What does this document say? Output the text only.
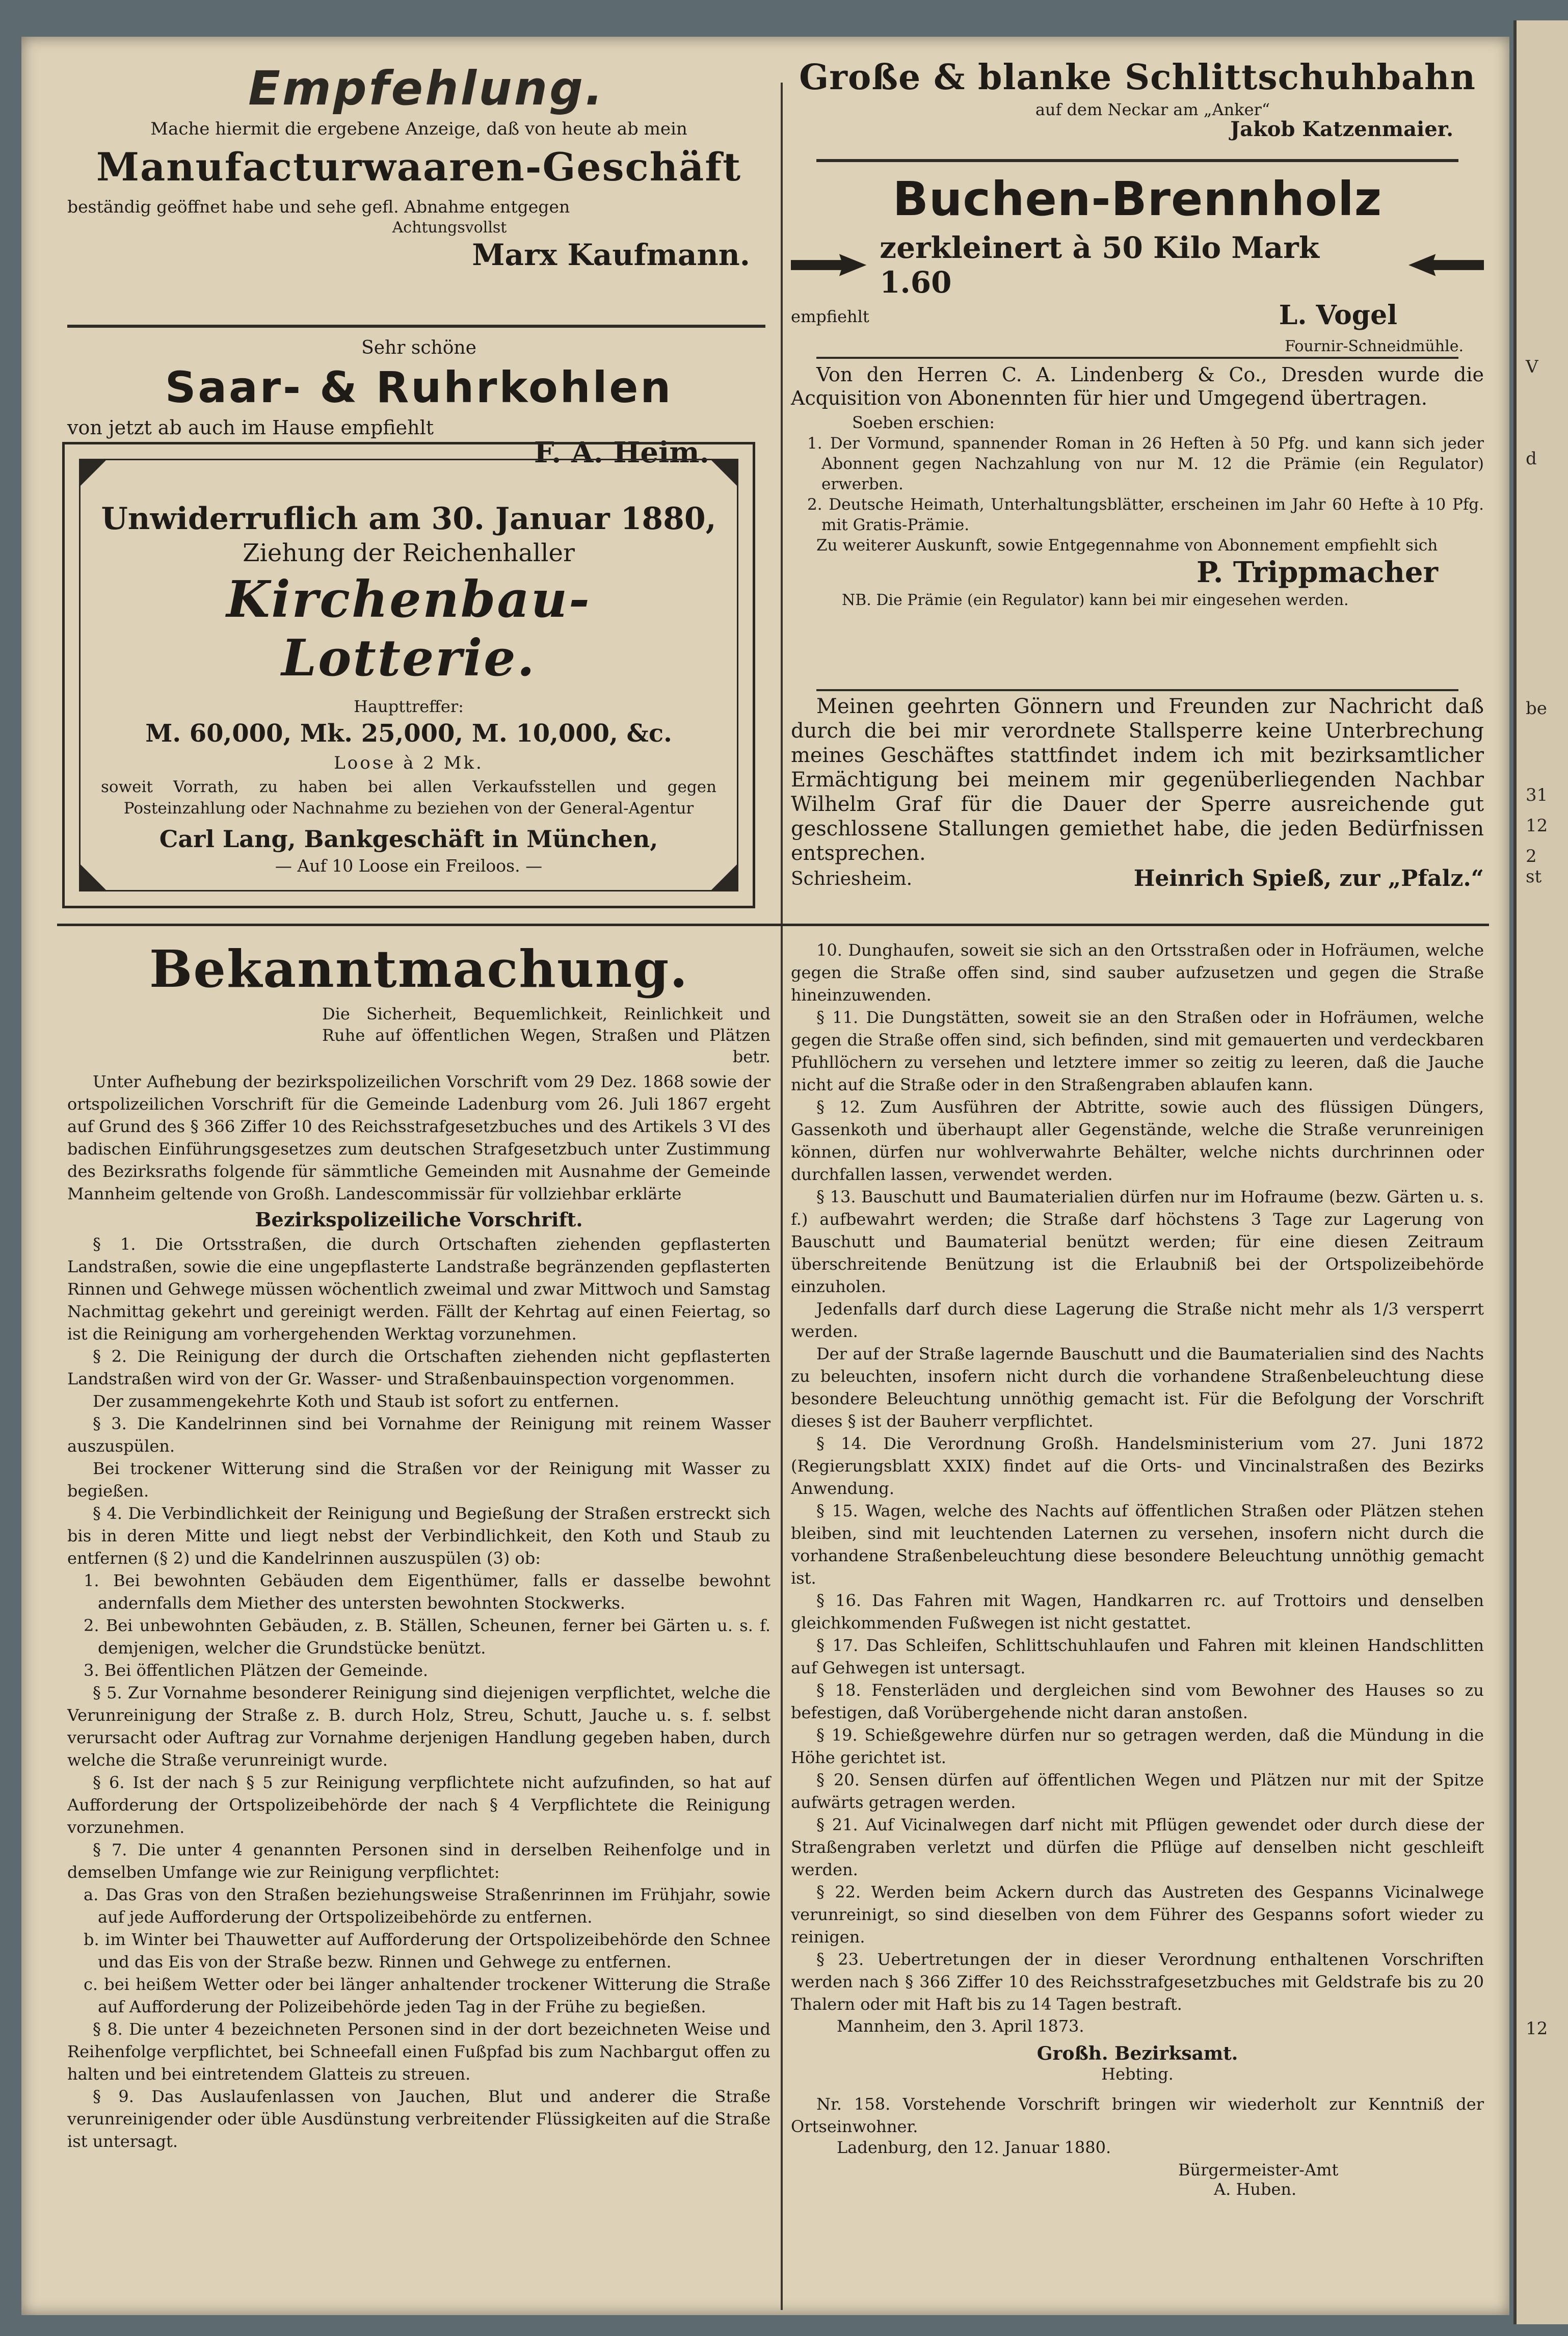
Empfehlung.
Mache hiermit die ergebene Anzeige, daß von heute ab mein
Manufacturwaaren-Geschäft
beständig geöffnet habe und sehe gefl. Abnahme entgegen
Achtungsvollst
Marx Kaufmann.
Sehr schöne
Saar- & Ruhrkohlen
von jetzt ab auch im Hause empfiehlt
F. A. Heim.
Unwiderruflich am 30. Januar 1880,
Ziehung der Reichenhaller
Kirchenbau-Lotterie.
Haupttreffer:
M. 60,000, Mk. 25,000, M. 10,000, &c.
Loose à 2 Mk.
soweit Vorrath, zu haben bei allen Verkaufsstellen und gegen Posteinzahlung oder Nachnahme zu beziehen von der General-Agentur
Carl Lang, Bankgeschäft in München,
— Auf 10 Loose ein Freiloos. —
Bekanntmachung.
Die Sicherheit, Bequemlichkeit, Reinlichkeit und Ruhe auf öffentlichen Wegen, Straßen und Plätzen betr.

Unter Aufhebung der bezirkspolizeilichen Vorschrift vom 29 Dez. 1868 sowie der ortspolizeilichen Vorschrift für die Gemeinde Ladenburg vom 26. Juli 1867 ergeht auf Grund des § 366 Ziffer 10 des Reichsstrafgesetzbuches und des Artikels 3 VI des badischen Einführungsgesetzes zum deutschen Strafgesetzbuch unter Zustimmung des Bezirksraths folgende für sämmtliche Gemeinden mit Ausnahme der Gemeinde Mannheim geltende von Großh. Landescommissär für vollziehbar erklärte

Bezirkspolizeiliche Vorschrift.

§ 1. Die Ortsstraßen, die durch Ortschaften ziehenden gepflasterten Landstraßen, sowie die eine ungepflasterte Landstraße begränzenden gepflasterten Rinnen und Gehwege müssen wöchentlich zweimal und zwar Mittwoch und Samstag Nachmittag gekehrt und gereinigt werden. Fällt der Kehrtag auf einen Feiertag, so ist die Reinigung am vorhergehenden Werktag vorzunehmen.

§ 2. Die Reinigung der durch die Ortschaften ziehenden nicht gepflasterten Landstraßen wird von der Gr. Wasser- und Straßenbauinspection vorgenommen.

Der zusammengekehrte Koth und Staub ist sofort zu entfernen.

§ 3. Die Kandelrinnen sind bei Vornahme der Reinigung mit reinem Wasser auszuspülen.

Bei trockener Witterung sind die Straßen vor der Reinigung mit Wasser zu begießen.

§ 4. Die Verbindlichkeit der Reinigung und Begießung der Straßen erstreckt sich bis in deren Mitte und liegt nebst der Verbindlichkeit, den Koth und Staub zu entfernen (§ 2) und die Kandelrinnen auszuspülen (3) ob:

1. Bei bewohnten Gebäuden dem Eigenthümer, falls er dasselbe bewohnt andernfalls dem Miether des untersten bewohnten Stockwerks.

2. Bei unbewohnten Gebäuden, z. B. Ställen, Scheunen, ferner bei Gärten u. s. f. demjenigen, welcher die Grundstücke benützt.

3. Bei öffentlichen Plätzen der Gemeinde.

§ 5. Zur Vornahme besonderer Reinigung sind diejenigen verpflichtet, welche die Verunreinigung der Straße z. B. durch Holz, Streu, Schutt, Jauche u. s. f. selbst verursacht oder Auftrag zur Vornahme derjenigen Handlung gegeben haben, durch welche die Straße verunreinigt wurde.

§ 6. Ist der nach § 5 zur Reinigung verpflichtete nicht aufzufinden, so hat auf Aufforderung der Ortspolizeibehörde der nach § 4 Verpflichtete die Reinigung vorzunehmen.

§ 7. Die unter 4 genannten Personen sind in derselben Reihenfolge und in demselben Umfange wie zur Reinigung verpflichtet:

a. Das Gras von den Straßen beziehungsweise Straßenrinnen im Frühjahr, sowie auf jede Aufforderung der Ortspolizeibehörde zu entfernen.

b. im Winter bei Thauwetter auf Aufforderung der Ortspolizeibehörde den Schnee und das Eis von der Straße bezw. Rinnen und Gehwege zu entfernen.

c. bei heißem Wetter oder bei länger anhaltender trockener Witterung die Straße auf Aufforderung der Polizeibehörde jeden Tag in der Frühe zu begießen.

§ 8. Die unter 4 bezeichneten Personen sind in der dort bezeichneten Weise und Reihenfolge verpflichtet, bei Schneefall einen Fußpfad bis zum Nachbargut offen zu halten und bei eintretendem Glatteis zu streuen.

§ 9. Das Auslaufenlassen von Jauchen, Blut und anderer die Straße verunreinigender oder üble Ausdünstung verbreitender Flüssigkeiten auf die Straße ist untersagt.

Große & blanke Schlittschuhbahn
auf dem Neckar am „Anker“
Jakob Katzenmaier.
Buchen-Brennholz
zerkleinert à 50 Kilo Mark 1.60
empfiehlt	L. Vogel
Fournir-Schneidmühle.

Von den Herren C. A. Lindenberg & Co., Dresden wurde die Acquisition von Abonennten für hier und Umgegend übertragen.

Soeben erschien:

1. Der Vormund, spannender Roman in 26 Heften à 50 Pfg. und kann sich jeder Abonnent gegen Nachzahlung von nur M. 12 die Prämie (ein Regulator) erwerben.

2. Deutsche Heimath, Unterhaltungsblätter, erscheinen im Jahr 60 Hefte à 10 Pfg. mit Gratis-Prämie.

Zu weiterer Auskunft, sowie Entgegennahme von Abonnement empfiehlt sich

P. Trippmacher
NB. Die Prämie (ein Regulator) kann bei mir eingesehen werden.

Meinen geehrten Gönnern und Freunden zur Nachricht daß durch die bei mir verordnete Stallsperre keine Unterbrechung meines Geschäftes stattfindet indem ich mit bezirksamtlicher Ermächtigung bei meinem mir gegenüberliegenden Nachbar Wilhelm Graf für die Dauer der Sperre ausreichende gut geschlossene Stallungen gemiethet habe, die jeden Bedürfnissen entsprechen.

Schriesheim.	Heinrich Spieß, zur „Pfalz.“

10. Dunghaufen, soweit sie sich an den Ortsstraßen oder in Hofräumen, welche gegen die Straße offen sind, sind sauber aufzusetzen und gegen die Straße hineinzuwenden.

§ 11. Die Dungstätten, soweit sie an den Straßen oder in Hofräumen, welche gegen die Straße offen sind, sich befinden, sind mit gemauerten und verdeckbaren Pfuhllöchern zu versehen und letztere immer so zeitig zu leeren, daß die Jauche nicht auf die Straße oder in den Straßengraben ablaufen kann.

§ 12. Zum Ausführen der Abtritte, sowie auch des flüssigen Düngers, Gassenkoth und überhaupt aller Gegenstände, welche die Straße verunreinigen können, dürfen nur wohlverwahrte Behälter, welche nichts durchrinnen oder durchfallen lassen, verwendet werden.

§ 13. Bauschutt und Baumaterialien dürfen nur im Hofraume (bezw. Gärten u. s. f.) aufbewahrt werden; die Straße darf höchstens 3 Tage zur Lagerung von Bauschutt und Baumaterial benützt werden; für eine diesen Zeitraum überschreitende Benützung ist die Erlaubniß bei der Ortspolizeibehörde einzuholen.

Jedenfalls darf durch diese Lagerung die Straße nicht mehr als 1/3 versperrt werden.

Der auf der Straße lagernde Bauschutt und die Baumaterialien sind des Nachts zu beleuchten, insofern nicht durch die vorhandene Straßenbeleuchtung diese besondere Beleuchtung unnöthig gemacht ist. Für die Befolgung der Vorschrift dieses § ist der Bauherr verpflichtet.

§ 14. Die Verordnung Großh. Handelsministerium vom 27. Juni 1872 (Regierungsblatt XXIX) findet auf die Orts- und Vincinalstraßen des Bezirks Anwendung.

§ 15. Wagen, welche des Nachts auf öffentlichen Straßen oder Plätzen stehen bleiben, sind mit leuchtenden Laternen zu versehen, insofern nicht durch die vorhandene Straßenbeleuchtung diese besondere Beleuchtung unnöthig gemacht ist.

§ 16. Das Fahren mit Wagen, Handkarren rc. auf Trottoirs und denselben gleichkommenden Fußwegen ist nicht gestattet.

§ 17. Das Schleifen, Schlittschuhlaufen und Fahren mit kleinen Handschlitten auf Gehwegen ist untersagt.

§ 18. Fensterläden und dergleichen sind vom Bewohner des Hauses so zu befestigen, daß Vorübergehende nicht daran anstoßen.

§ 19. Schießgewehre dürfen nur so getragen werden, daß die Mündung in die Höhe gerichtet ist.

§ 20. Sensen dürfen auf öffentlichen Wegen und Plätzen nur mit der Spitze aufwärts getragen werden.

§ 21. Auf Vicinalwegen darf nicht mit Pflügen gewendet oder durch diese der Straßengraben verletzt und dürfen die Pflüge auf denselben nicht geschleift werden.

§ 22. Werden beim Ackern durch das Austreten des Gespanns Vicinalwege verunreinigt, so sind dieselben von dem Führer des Gespanns sofort wieder zu reinigen.

§ 23. Uebertretungen der in dieser Verordnung enthaltenen Vorschriften werden nach § 366 Ziffer 10 des Reichsstrafgesetzbuches mit Geldstrafe bis zu 20 Thalern oder mit Haft bis zu 14 Tagen bestraft.

Mannheim, den 3. April 1873.
Großh. Bezirksamt.
Hebting.

Nr. 158. Vorstehende Vorschrift bringen wir wiederholt zur Kenntniß der Ortseinwohner.

Ladenburg, den 12. Januar 1880.
Bürgermeister-Amt
A. Huben.
V
d
be
31
12
2
st
12
